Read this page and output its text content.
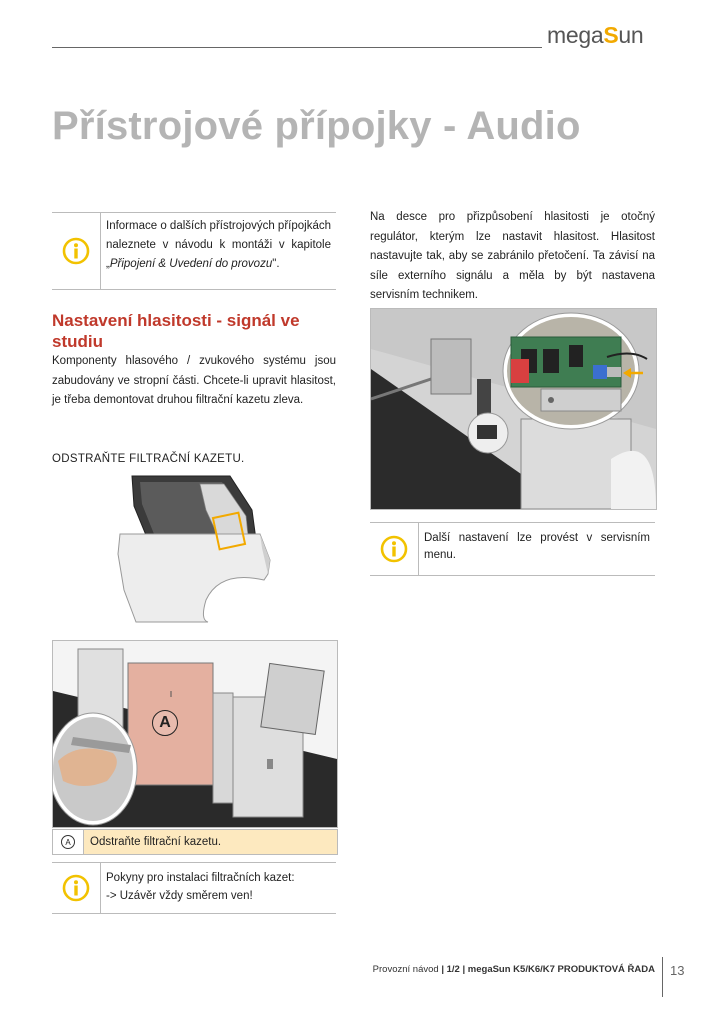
megaSun
Přístrojové přípojky - Audio
Informace o dalších přístrojových přípojkách naleznete v návodu k montáži v kapitole „Připojení & Uvedení do provozu".
Nastavení hlasitosti - signál ve studiu
Komponenty hlasového / zvukového systému jsou zabudovány ve stropní části. Chcete-li upravit hlasitost, je třeba demontovat druhou filtrační kazetu zleva.
ODSTRAŇTE FILTRAČNÍ KAZETU.
A
A	Odstraňte filtrační kazetu.
Pokyny pro instalaci filtračních kazet:
-> Uzávěr vždy směrem ven!
Na desce pro přizpůsobení hlasitosti je otočný regulátor, kterým lze nastavit hlasitost. Hlasitost nastavujte tak, aby se zabránilo přetočení. Ta závisí na síle externího signálu a měla by být nastavena servisním technikem.
Další nastavení lze provést v servisním menu.
Provozní návod | 1/2 | megaSun K5/K6/K7 PRODUKTOVÁ ŘADA 13
